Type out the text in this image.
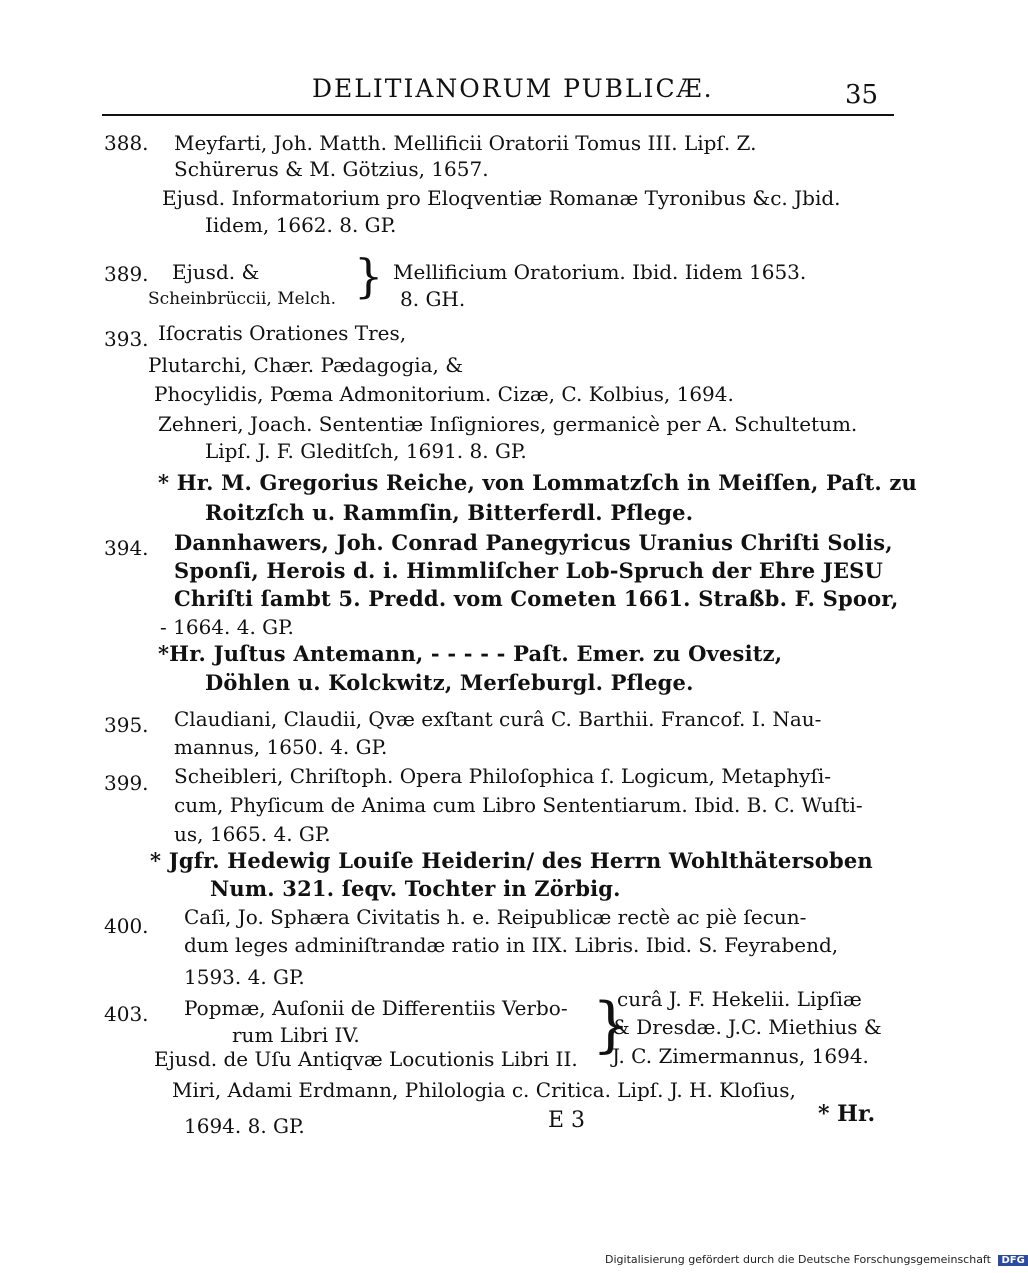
DELITIANORUM PUBLICÆ.	35
388. Meyfarti, Joh. Matth. Mellificii Oratorii Tomus III. Lipſ. Z.
Schürerus & M. Götzius, 1657.
Ejusd. Informatorium pro Eloqventiæ Romanæ Tyronibus &c. Jbid.
Iidem, 1662. 8. GP.
389. Ejusd. &
Scheinbrüccii, Melch. } Mellificium Oratorium. Ibid. Iidem 1653.
8. GH.
393. Iſocratis Orationes Tres,
Plutarchi, Chær. Pædagogia, &
Phocylidis, Pœma Admonitorium. Cizæ, C. Kolbius, 1694.
Zehneri, Joach. Sententiæ Inſigniores, germanicè per A. Schultetum.
Lipſ. J. F. Gleditſch, 1691. 8. GP.
* Hr. M. Gregorius Reiche, von Lommatzſch in Meiſſen, Paſt. zu
Roitzſch u. Rammſin, Bitterferdl. Pflege.
394. Dannhawers, Joh. Conrad Panegyricus Uranius Chriſti Solis,
Sponſi, Herois d. i. Himmliſcher Lob-Spruch der Ehre JESU
Chriſti ſambt 5. Predd. vom Cometen 1661. Straßb. F. Spoor,
- 1664. 4. GP.
*Hr. Juſtus Antemann, - - - - - Paſt. Emer. zu Ovesitz,
Döhlen u. Kolckwitz, Merſeburgl. Pflege.
395. Claudiani, Claudii, Qvæ exſtant curâ C. Barthii. Francof. I. Nau-
mannus, 1650. 4. GP.
399. Scheibleri, Chriſtoph. Opera Philoſophica ſ. Logicum, Metaphyſi-
cum, Phyſicum de Anima cum Libro Sententiarum. Ibid. B. C. Wuſti-
us, 1665. 4. GP.
* Jgfr. Hedewig Louiſe Heiderin/ des Herrn Wohlthätersoben
Num. 321. ſeqv. Tochter in Zörbig.
400. Caſi, Jo. Sphæra Civitatis h. e. Reipublicæ rectè ac piè ſecun-
dum leges adminiſtrandæ ratio in IIX. Libris. Ibid. S. Feyrabend,
1593. 4. GP.
403. Popmæ, Auſonii de Differentiis Verbo-
rum Libri IV.
Ejusd. de Uſu Antiqvæ Locutionis Libri II. }
curâ J. F. Hekelii. Lipſiæ
& Dresdæ. J.C. Miethius &
J. C. Zimermannus, 1694.
Miri, Adami Erdmann, Philologia c. Critica. Lipſ. J. H. Kloſius,
1694. 8. GP.	E 3	* Hr.
Digitalisierung gefördert durch die Deutsche Forschungsgemeinschaft DFG
